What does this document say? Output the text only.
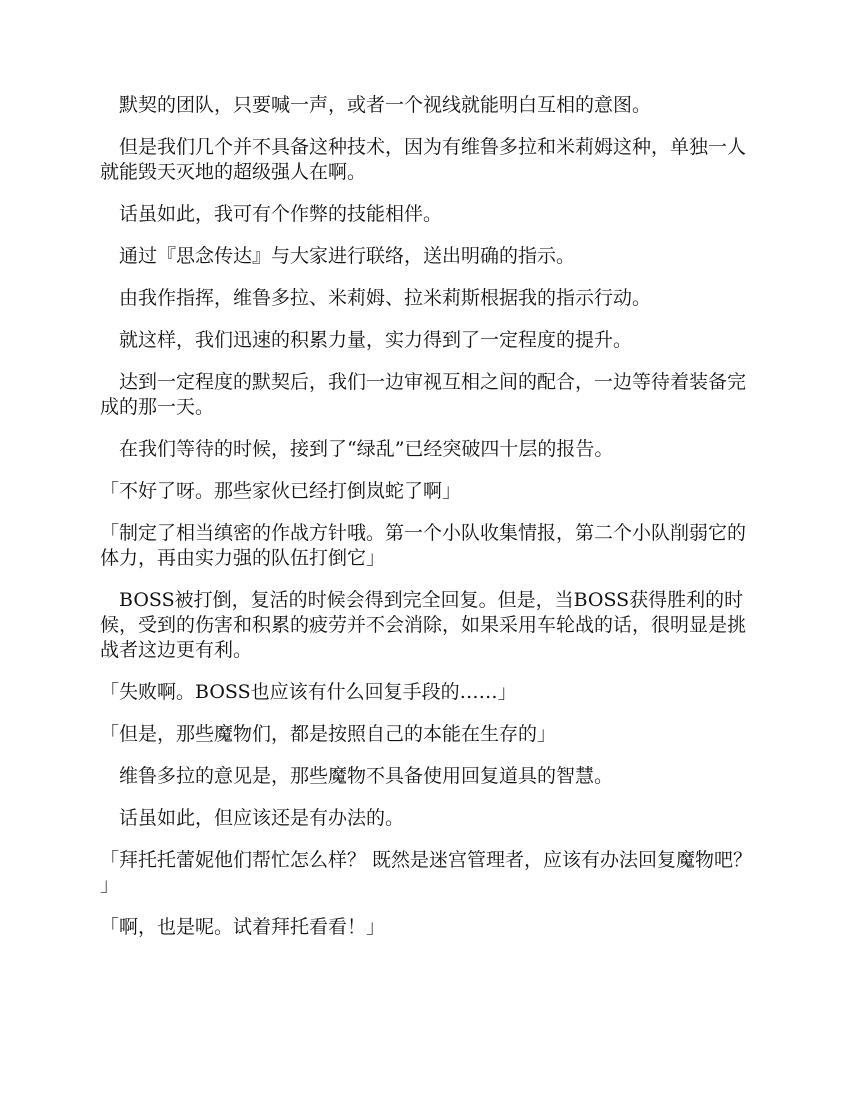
默契的团队，只要喊一声，或者一个视线就能明白互相的意图。

但是我们几个并不具备这种技术，因为有维鲁多拉和米莉姆这种，单独一人就能毁天灭地的超级强人在啊。

话虽如此，我可有个作弊的技能相伴。

通过『思念传达』与大家进行联络，送出明确的指示。

由我作指挥，维鲁多拉、米莉姆、拉米莉斯根据我的指示行动。

就这样，我们迅速的积累力量，实力得到了一定程度的提升。

达到一定程度的默契后，我们一边审视互相之间的配合，一边等待着装备完成的那一天。

在我们等待的时候，接到了“绿乱”已经突破四十层的报告。

「不好了呀。那些家伙已经打倒岚蛇了啊」

「制定了相当缜密的作战方针哦。第一个小队收集情报，第二个小队削弱它的体力，再由实力强的队伍打倒它」

BOSS被打倒，复活的时候会得到完全回复。但是，当BOSS获得胜利的时候，受到的伤害和积累的疲劳并不会消除，如果采用车轮战的话，很明显是挑战者这边更有利。

「失败啊。BOSS也应该有什么回复手段的……」

「但是，那些魔物们，都是按照自己的本能在生存的」

维鲁多拉的意见是，那些魔物不具备使用回复道具的智慧。

话虽如此，但应该还是有办法的。

「拜托托蕾妮他们帮忙怎么样？ 既然是迷宫管理者，应该有办法回复魔物吧？」

「啊，也是呢。试着拜托看看！」
